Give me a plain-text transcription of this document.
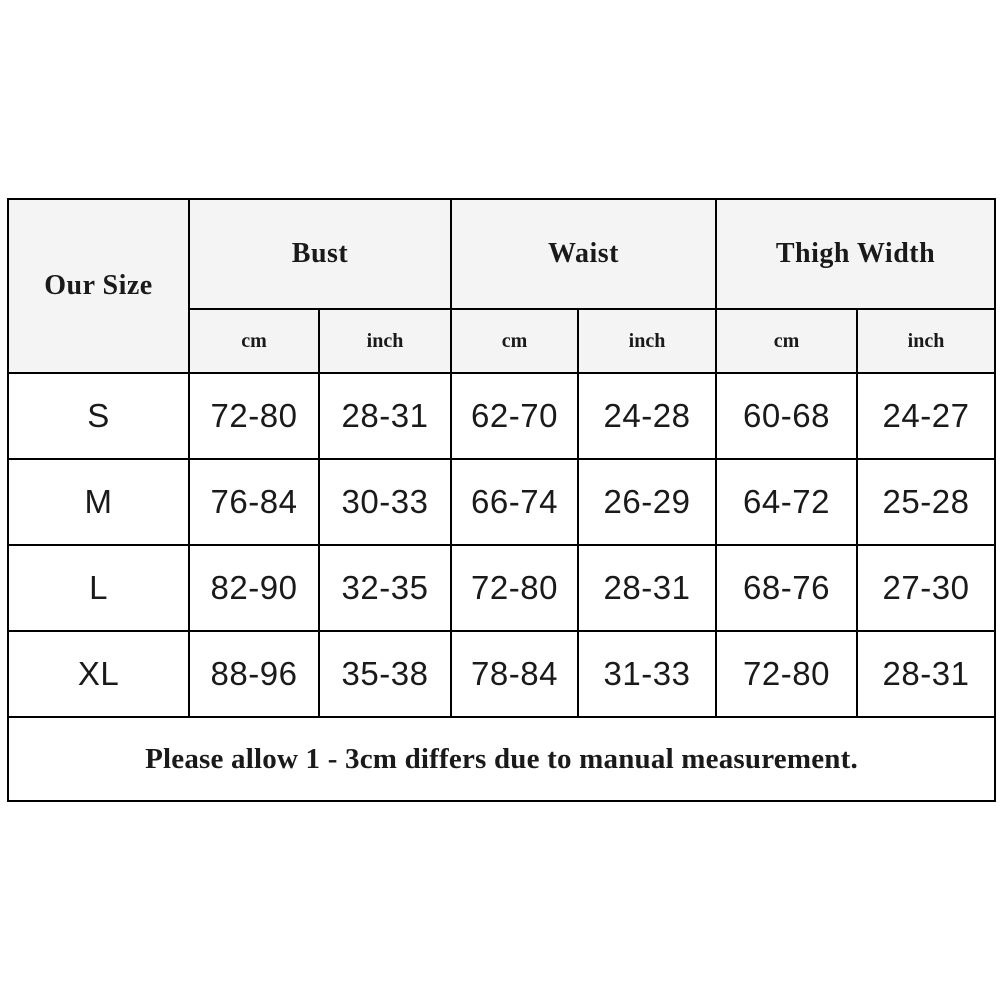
Our Size	Bust		Waist		Thigh Width	
	cm	inch	cm	inch	cm	inch
S	72-80	28-31	62-70	24-28	60-68	24-27
M	76-84	30-33	66-74	26-29	64-72	25-28
L	82-90	32-35	72-80	28-31	68-76	27-30
XL	88-96	35-38	78-84	31-33	72-80	28-31
Please allow 1 - 3cm differs due to manual measurement.						
